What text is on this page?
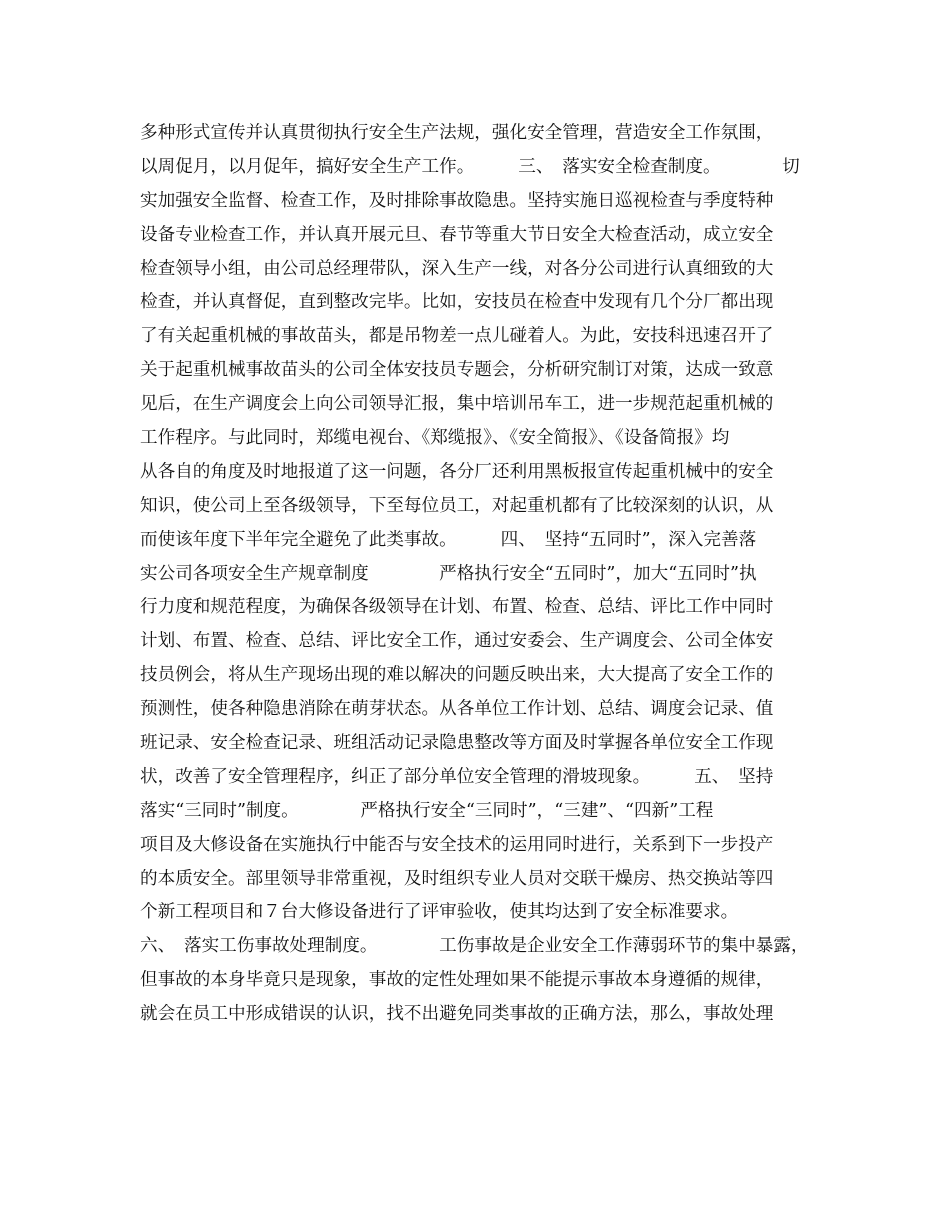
多种形式宣传并认真贯彻执行安全生产法规，强化安全管理，营造安全工作氛围，
以周促月，以月促年，搞好安全生产工作。　　　三、　落实安全检查制度。　　　　切
实加强安全监督、检查工作，及时排除事故隐患。坚持实施日巡视检查与季度特种
设备专业检查工作，并认真开展元旦、春节等重大节日安全大检查活动，成立安全
检查领导小组，由公司总经理带队，深入生产一线，对各分公司进行认真细致的大
检查，并认真督促，直到整改完毕。比如，安技员在检查中发现有几个分厂都出现
了有关起重机械的事故苗头，都是吊物差一点儿碰着人。为此，安技科迅速召开了
关于起重机械事故苗头的公司全体安技员专题会，分析研究制订对策，达成一致意
见后，在生产调度会上向公司领导汇报，集中培训吊车工，进一步规范起重机械的
工作程序。与此同时，郑缆电视台、《郑缆报》、《安全简报》、《设备简报》均
从各自的角度及时地报道了这一问题，各分厂还利用黑板报宣传起重机械中的安全
知识，使公司上至各级领导，下至每位员工，对起重机都有了比较深刻的认识，从
而使该年度下半年完全避免了此类事故。　　　四、　坚持“五同时”，深入完善落
实公司各项安全生产规章制度　　　　严格执行安全“五同时”，加大“五同时”执
行力度和规范程度，为确保各级领导在计划、布置、检查、总结、评比工作中同时
计划、布置、检查、总结、评比安全工作，通过安委会、生产调度会、公司全体安
技员例会，将从生产现场出现的难以解决的问题反映出来，大大提高了安全工作的
预测性，使各种隐患消除在萌芽状态。从各单位工作计划、总结、调度会记录、值
班记录、安全检查记录、班组活动记录隐患整改等方面及时掌握各单位安全工作现
状，改善了安全管理程序，纠正了部分单位安全管理的滑坡现象。　　　五、　坚持
落实“三同时”制度。　　　　严格执行安全“三同时”，“三建”、“四新”工程
项目及大修设备在实施执行中能否与安全技术的运用同时进行，关系到下一步投产
的本质安全。部里领导非常重视，及时组织专业人员对交联干燥房、热交换站等四
个新工程项目和７台大修设备进行了评审验收，使其均达到了安全标准要求。
六、　落实工伤事故处理制度。　　　　工伤事故是企业安全工作薄弱环节的集中暴露，
但事故的本身毕竟只是现象，事故的定性处理如果不能提示事故本身遵循的规律，
就会在员工中形成错误的认识，找不出避免同类事故的正确方法，那么，事故处理
